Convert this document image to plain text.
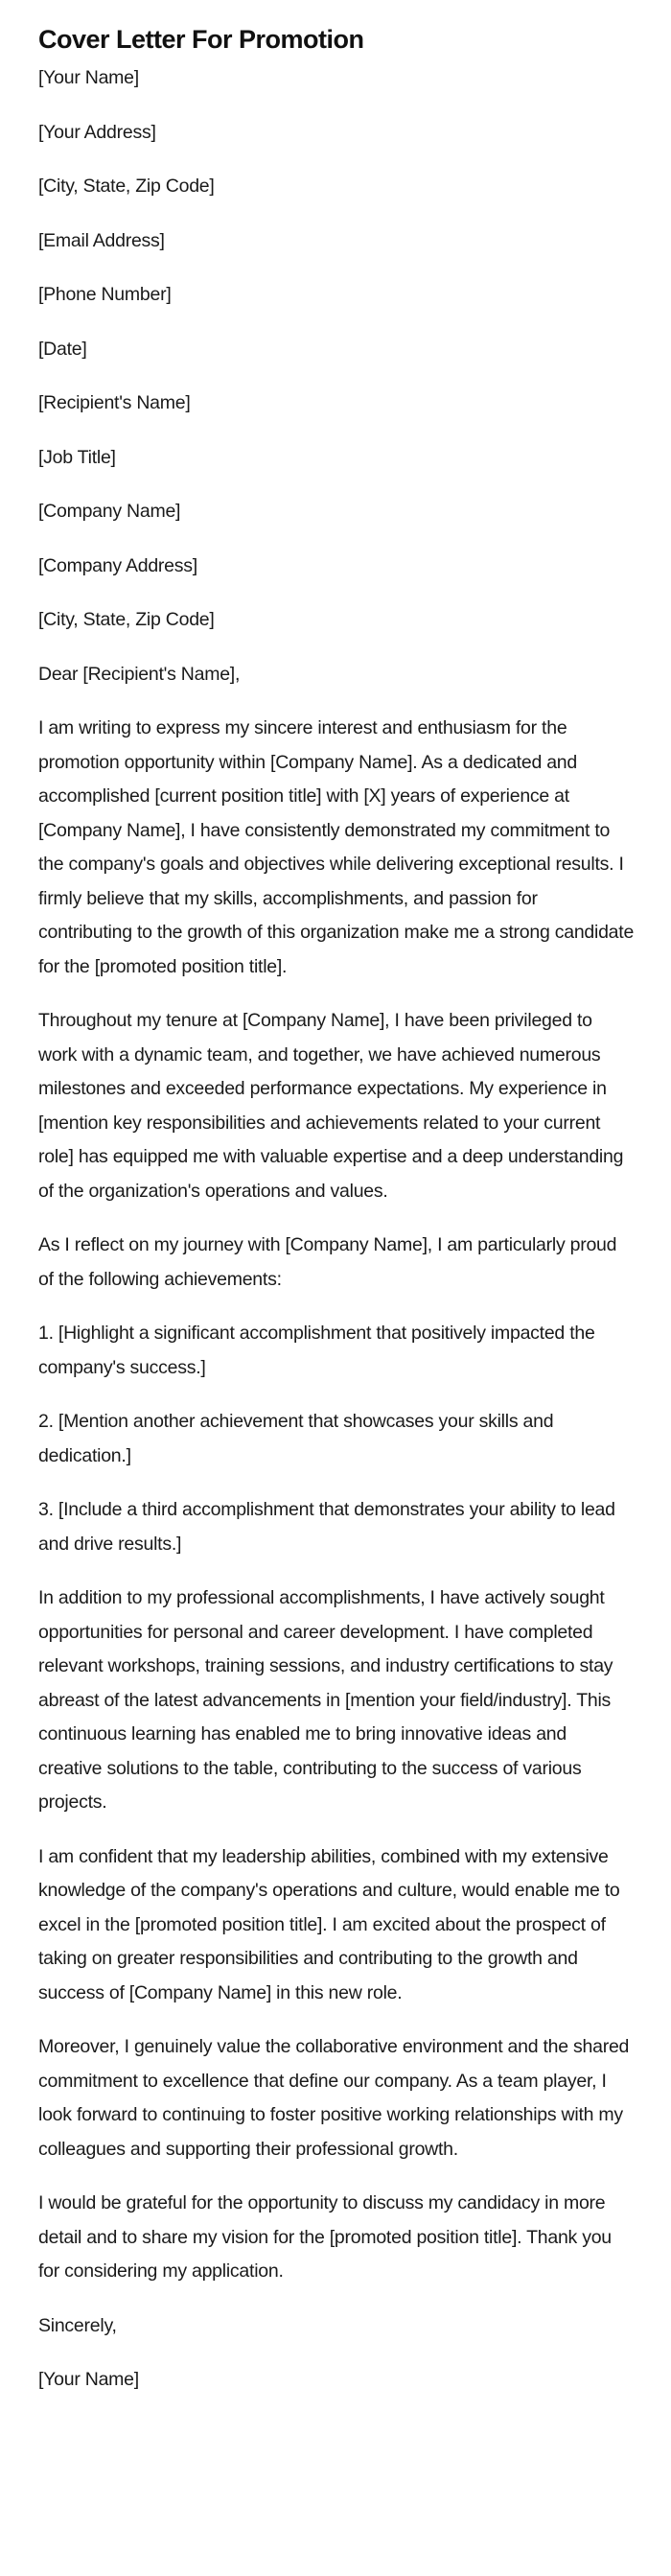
Cover Letter For Promotion

[Your Name]

[Your Address]

[City, State, Zip Code]

[Email Address]

[Phone Number]

[Date]

[Recipient's Name]

[Job Title]

[Company Name]

[Company Address]

[City, State, Zip Code]

Dear [Recipient's Name],

I am writing to express my sincere interest and enthusiasm for the promotion opportunity within [Company Name]. As a dedicated and accomplished [current position title] with [X] years of experience at [Company Name], I have consistently demonstrated my commitment to the company's goals and objectives while delivering exceptional results. I firmly believe that my skills, accomplishments, and passion for contributing to the growth of this organization make me a strong candidate for the [promoted position title].

Throughout my tenure at [Company Name], I have been privileged to work with a dynamic team, and together, we have achieved numerous milestones and exceeded performance expectations. My experience in [mention key responsibilities and achievements related to your current role] has equipped me with valuable expertise and a deep understanding of the organization's operations and values.

As I reflect on my journey with [Company Name], I am particularly proud of the following achievements:

1. [Highlight a significant accomplishment that positively impacted the company's success.]

2. [Mention another achievement that showcases your skills and dedication.]

3. [Include a third accomplishment that demonstrates your ability to lead and drive results.]

In addition to my professional accomplishments, I have actively sought opportunities for personal and career development. I have completed relevant workshops, training sessions, and industry certifications to stay abreast of the latest advancements in [mention your field/industry]. This continuous learning has enabled me to bring innovative ideas and creative solutions to the table, contributing to the success of various projects.

I am confident that my leadership abilities, combined with my extensive knowledge of the company's operations and culture, would enable me to excel in the [promoted position title]. I am excited about the prospect of taking on greater responsibilities and contributing to the growth and success of [Company Name] in this new role.

Moreover, I genuinely value the collaborative environment and the shared commitment to excellence that define our company. As a team player, I look forward to continuing to foster positive working relationships with my colleagues and supporting their professional growth.

I would be grateful for the opportunity to discuss my candidacy in more detail and to share my vision for the [promoted position title]. Thank you for considering my application.

Sincerely,

[Your Name]
